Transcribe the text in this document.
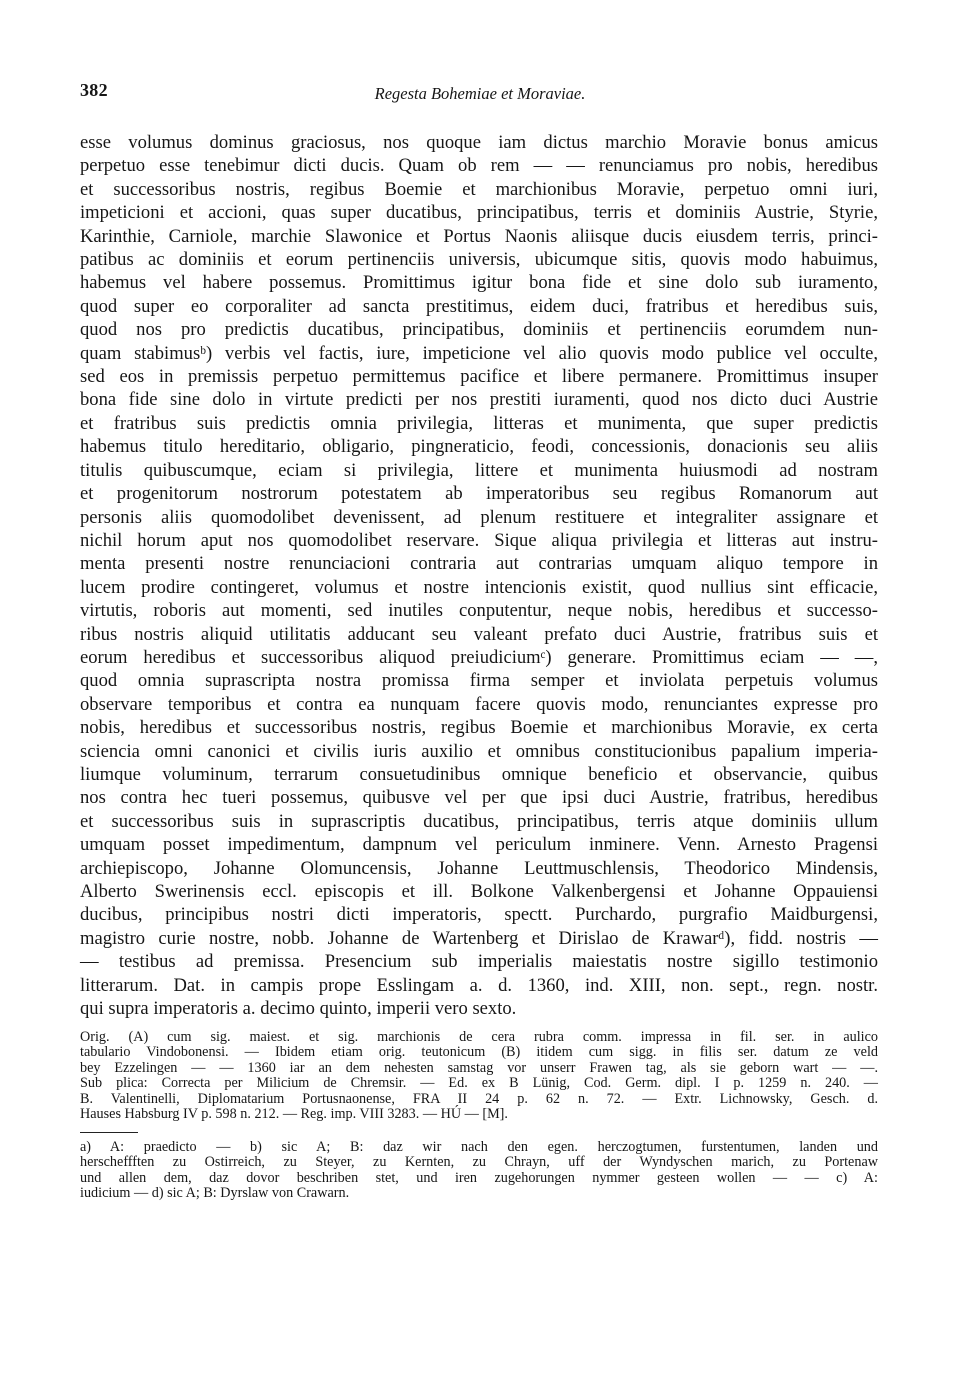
382	Regesta Bohemiae et Moraviae.
esse volumus dominus graciosus, nos quoque iam dictus marchio Moravie bonus amicus
perpetuo esse tenebimur dicti ducis. Quam ob rem — — renunciamus pro nobis, heredibus
et successoribus nostris, regibus Boemie et marchionibus Moravie, perpetuo omni iuri,
impeticioni et accioni, quas super ducatibus, principatibus, terris et dominiis Austrie, Styrie,
Karinthie, Carniole, marchie Slawonice et Portus Naonis aliisque ducis eiusdem terris, princi-
patibus ac dominiis et eorum pertinenciis universis, ubicumque sitis, quovis modo habuimus,
habemus vel habere possemus. Promittimus igitur bona fide et sine dolo sub iuramento,
quod super eo corporaliter ad sancta prestitimus, eidem duci, fratribus et heredibus suis,
quod nos pro predictis ducatibus, principatibus, dominiis et pertinenciis eorumdem nun-
quam stabimusᵇ) verbis vel factis, iure, impeticione vel alio quovis modo publice vel occulte,
sed eos in premissis perpetuo permittemus pacifice et libere permanere. Promittimus insuper
bona fide sine dolo in virtute predicti per nos prestiti iuramenti, quod nos dicto duci Austrie
et fratribus suis predictis omnia privilegia, litteras et munimenta, que super predictis
habemus titulo hereditario, obligario, pingneraticio, feodi, concessionis, donacionis seu aliis
titulis quibuscumque, eciam si privilegia, littere et munimenta huiusmodi ad nostram
et progenitorum nostrorum potestatem ab imperatoribus seu regibus Romanorum aut
personis aliis quomodolibet devenissent, ad plenum restituere et integraliter assignare et
nichil horum aput nos quomodolibet reservare. Sique aliqua privilegia et litteras aut instru-
menta presenti nostre renunciacioni contraria aut contrarias umquam aliquo tempore in
lucem prodire contingeret, volumus et nostre intencionis existit, quod nullius sint efficacie,
virtutis, roboris aut momenti, sed inutiles conputentur, neque nobis, heredibus et successo-
ribus nostris aliquid utilitatis adducant seu valeant prefato duci Austrie, fratribus suis et
eorum heredibus et successoribus aliquod preiudiciumᶜ) generare. Promittimus eciam — —,
quod omnia suprascripta nostra promissa firma semper et inviolata perpetuis volumus
observare temporibus et contra ea nunquam facere quovis modo, renunciantes expresse pro
nobis, heredibus et successoribus nostris, regibus Boemie et marchionibus Moravie, ex certa
sciencia omni canonici et civilis iuris auxilio et omnibus constitucionibus papalium imperia-
liumque voluminum, terrarum consuetudinibus omnique beneficio et observancie, quibus
nos contra hec tueri possemus, quibusve vel per que ipsi duci Austrie, fratribus, heredibus
et successoribus suis in suprascriptis ducatibus, principatibus, terris atque dominiis ullum
umquam posset impedimentum, dampnum vel periculum inminere. Venn. Arnesto Pragensi
archiepiscopo, Johanne Olomuncensis, Johanne Leuttmuschlensis, Theodorico Mindensis,
Alberto Swerinensis eccl. episcopis et ill. Bolkone Valkenbergensi et Johanne Oppauiensi
ducibus, principibus nostri dicti imperatoris, spectt. Purchardo, purgrafio Maidburgensi,
magistro curie nostre, nobb. Johanne de Wartenberg et Dirislao de Krawarᵈ), fidd. nostris —
— testibus ad premissa. Presencium sub imperialis maiestatis nostre sigillo testimonio
litterarum. Dat. in campis prope Esslingam a. d. 1360, ind. XIII, non. sept., regn. nostr.
qui supra imperatoris a. decimo quinto, imperii vero sexto.
Orig. (A) cum sig. maiest. et sig. marchionis de cera rubra comm. impressa in fil. ser. in aulico
tabulario Vindobonensi. — Ibidem etiam orig. teutonicum (B) itidem cum sigg. in filis ser. datum ze veld
bey Ezzelingen — — 1360 iar an dem nehesten samstag vor unserr Frawen tag, als sie geborn wart — —.
Sub plica: Correcta per Milicium de Chremsir. — Ed. ex B Lünig, Cod. Germ. dipl. I p. 1259 n. 240. —
B. Valentinelli, Diplomatarium Portusnaonense, FRA II 24 p. 62 n. 72. — Extr. Lichnowsky, Gesch. d.
Hauses Habsburg IV p. 598 n. 212. — Reg. imp. VIII 3283. — HÚ — [M].
a) A: praedicto — b) sic A; B: daz wir nach den egen. herczogtumen, furstentumen, landen und
herscheffften zu Ostirreich, zu Steyer, zu Kernten, zu Chrayn, uff der Wyndyschen marich, zu Portenaw
und allen dem, daz dovor beschriben stet, und iren zugehorungen nymmer gesteen wollen — — c) A:
iudicium — d) sic A; B: Dyrslaw von Crawarn.
